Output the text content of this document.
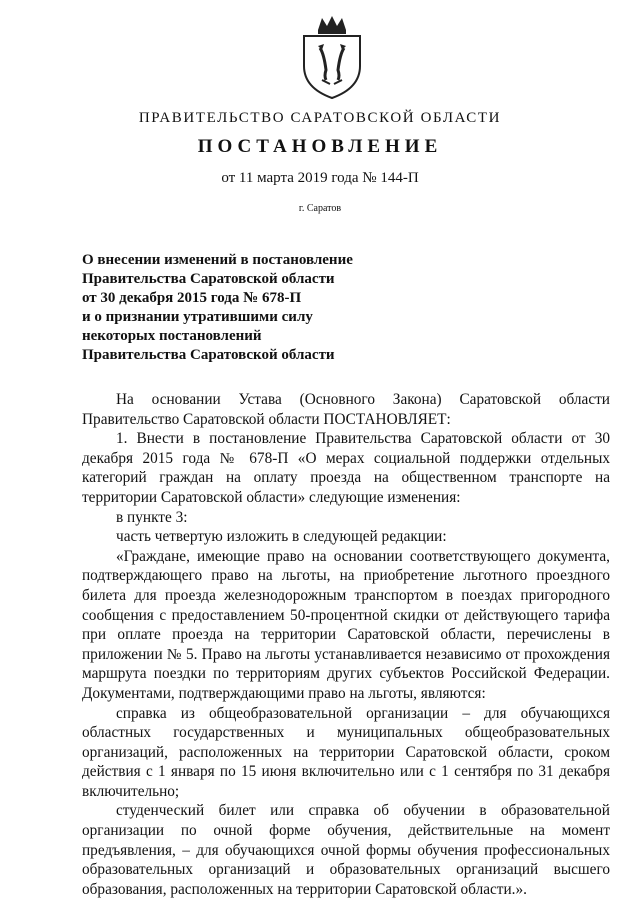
ПРАВИТЕЛЬСТВО САРАТОВСКОЙ ОБЛАСТИ
ПОСТАНОВЛЕНИЕ
от 11 марта 2019 года № 144-П
г. Саратов
О внесении изменений в постановление
Правительства Саратовской области
от 30 декабря 2015 года № 678-П
и о признании утратившими силу
некоторых постановлений
Правительства Саратовской области

На основании Устава (Основного Закона) Саратовской области Правительство Саратовской области ПОСТАНОВЛЯЕТ:

1. Внести в постановление Правительства Саратовской области от 30 декабря 2015 года № 678-П «О мерах социальной поддержки отдельных категорий граждан на оплату проезда на общественном транспорте на территории Саратовской области» следующие изменения:

в пункте 3:

часть четвертую изложить в следующей редакции:

«Граждане, имеющие право на основании соответствующего документа, подтверждающего право на льготы, на приобретение льготного проездного билета для проезда железнодорожным транспортом в поездах пригородного сообщения с предоставлением 50-процентной скидки от действующего тарифа при оплате проезда на территории Саратовской области, перечислены в приложении № 5. Право на льготы устанавливается независимо от прохождения маршрута поездки по территориям других субъектов Российской Федерации. Документами, подтверждающими право на льготы, являются:

справка из общеобразовательной организации – для обучающихся областных государственных и муниципальных общеобразовательных организаций, расположенных на территории Саратовской области, сроком действия с 1 января по 15 июня включительно или с 1 сентября по 31 декабря включительно;

студенческий билет или справка об обучении в образовательной организации по очной форме обучения, действительные на момент предъявления, – для обучающихся очной формы обучения профессиональных образовательных организаций и образовательных организаций высшего образования, расположенных на территории Саратовской области.».
